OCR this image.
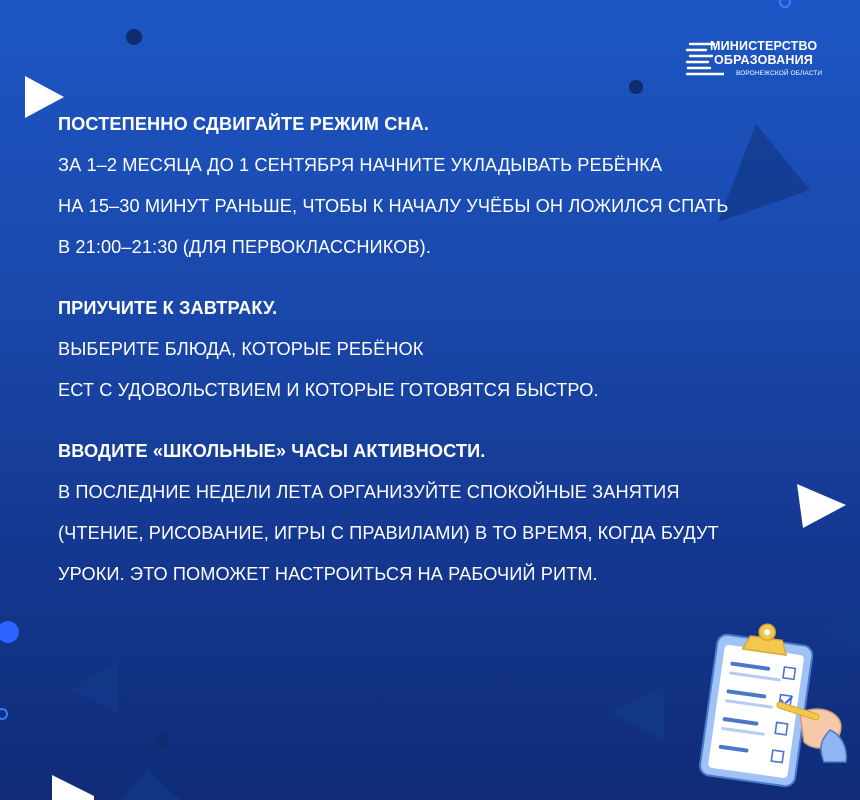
МИНИСТЕРСТВО
ОБРАЗОВАНИЯ
ВОРОНЕЖСКОЙ ОБЛАСТИ
ПОСТЕПЕННО СДВИГАЙТЕ РЕЖИМ СНА.
ЗА 1–2 МЕСЯЦА ДО 1 СЕНТЯБРЯ НАЧНИТЕ УКЛАДЫВАТЬ РЕБЁНКА
НА 15–30 МИНУТ РАНЬШЕ, ЧТОБЫ К НАЧАЛУ УЧЁБЫ ОН ЛОЖИЛСЯ СПАТЬ
В 21:00–21:30 (ДЛЯ ПЕРВОКЛАССНИКОВ).
ПРИУЧИТЕ К ЗАВТРАКУ.
ВЫБЕРИТЕ БЛЮДА, КОТОРЫЕ РЕБЁНОК
ЕСТ С УДОВОЛЬСТВИЕМ И КОТОРЫЕ ГОТОВЯТСЯ БЫСТРО.
ВВОДИТЕ «ШКОЛЬНЫЕ» ЧАСЫ АКТИВНОСТИ.
В ПОСЛЕДНИЕ НЕДЕЛИ ЛЕТА ОРГАНИЗУЙТЕ СПОКОЙНЫЕ ЗАНЯТИЯ
(ЧТЕНИЕ, РИСОВАНИЕ, ИГРЫ С ПРАВИЛАМИ) В ТО ВРЕМЯ, КОГДА БУДУТ
УРОКИ. ЭТО ПОМОЖЕТ НАСТРОИТЬСЯ НА РАБОЧИЙ РИТМ.
